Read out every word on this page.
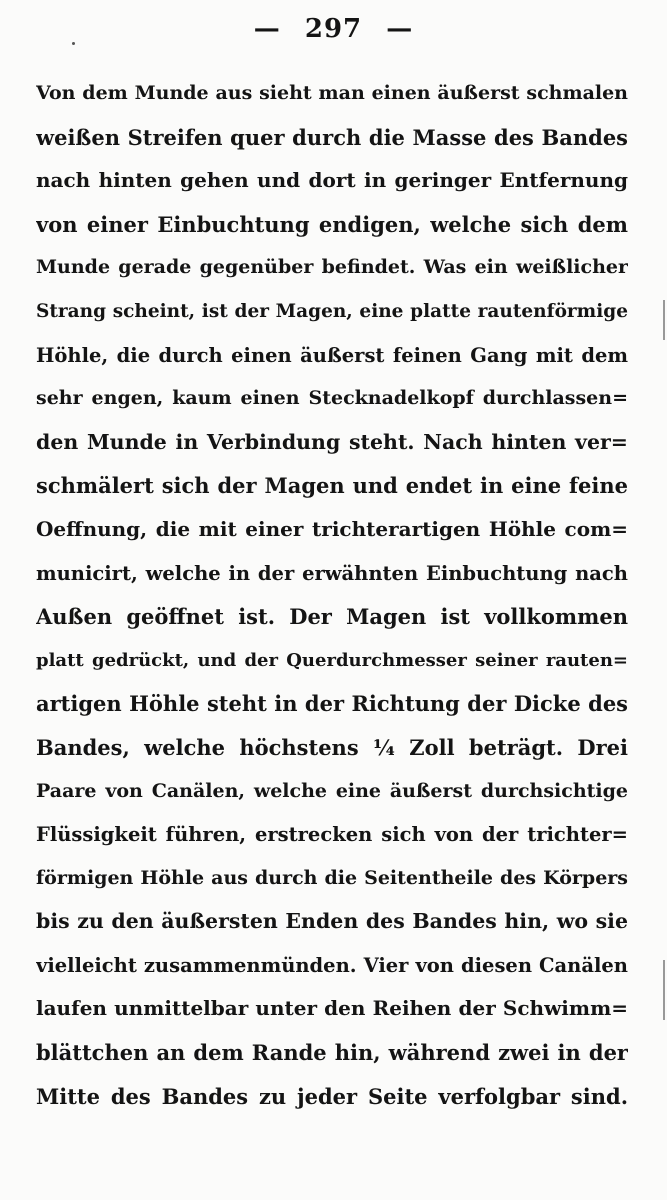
— 297 —
Von dem Munde aus sieht man einen äußerst schmalen
weißen Streifen quer durch die Masse des Bandes
nach hinten gehen und dort in geringer Entfernung
von einer Einbuchtung endigen, welche sich dem
Munde gerade gegenüber befindet. Was ein weißlicher
Strang scheint, ist der Magen, eine platte rautenförmige
Höhle, die durch einen äußerst feinen Gang mit dem
sehr engen, kaum einen Stecknadelkopf durchlassen=
den Munde in Verbindung steht. Nach hinten ver=
schmälert sich der Magen und endet in eine feine
Oeffnung, die mit einer trichterartigen Höhle com=
municirt, welche in der erwähnten Einbuchtung nach
Außen geöffnet ist. Der Magen ist vollkommen
platt gedrückt, und der Querdurchmesser seiner rauten=
artigen Höhle steht in der Richtung der Dicke des
Bandes, welche höchstens ¼ Zoll beträgt. Drei
Paare von Canälen, welche eine äußerst durchsichtige
Flüssigkeit führen, erstrecken sich von der trichter=
förmigen Höhle aus durch die Seitentheile des Körpers
bis zu den äußersten Enden des Bandes hin, wo sie
vielleicht zusammenmünden. Vier von diesen Canälen
laufen unmittelbar unter den Reihen der Schwimm=
blättchen an dem Rande hin, während zwei in der
Mitte des Bandes zu jeder Seite verfolgbar sind.
